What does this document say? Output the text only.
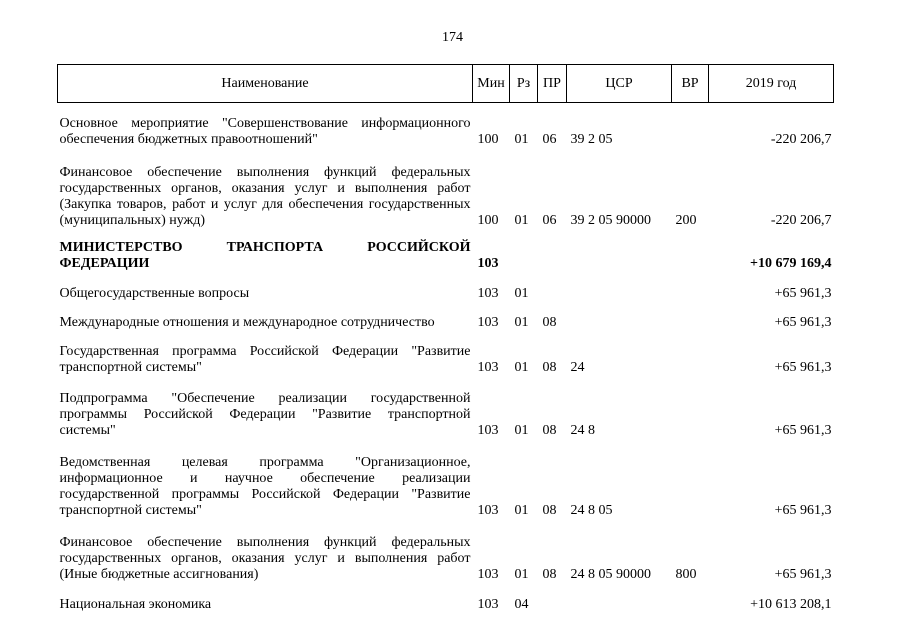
174
Наименование	Мин	Рз	ПР	ЦСР	ВР	2019 год
Основное мероприятие "Совершенствование информационного обеспечения бюджетных правоотношений"	100	01	06	39 2 05		-220 206,7
Финансовое обеспечение выполнения функций федеральных государственных органов, оказания услуг и выполнения работ (Закупка товаров, работ и услуг для обеспечения государственных (муниципальных) нужд)	100	01	06	39 2 05 90000	200	-220 206,7
МИНИСТЕРСТВО ТРАНСПОРТА РОССИЙСКОЙ ФЕДЕРАЦИИ	103					+10 679 169,4
Общегосударственные вопросы	103	01				+65 961,3
Международные отношения и международное сотрудничество	103	01	08			+65 961,3
Государственная программа Российской Федерации "Развитие транспортной системы"	103	01	08	24		+65 961,3
Подпрограмма "Обеспечение реализации государственной программы Российской Федерации "Развитие транспортной системы"	103	01	08	24 8		+65 961,3
Ведомственная целевая программа "Организационное, информационное и научное обеспечение реализации государственной программы Российской Федерации "Развитие транспортной системы"	103	01	08	24 8 05		+65 961,3
Финансовое обеспечение выполнения функций федеральных государственных органов, оказания услуг и выполнения работ (Иные бюджетные ассигнования)	103	01	08	24 8 05 90000	800	+65 961,3
Национальная экономика	103	04				+10 613 208,1
